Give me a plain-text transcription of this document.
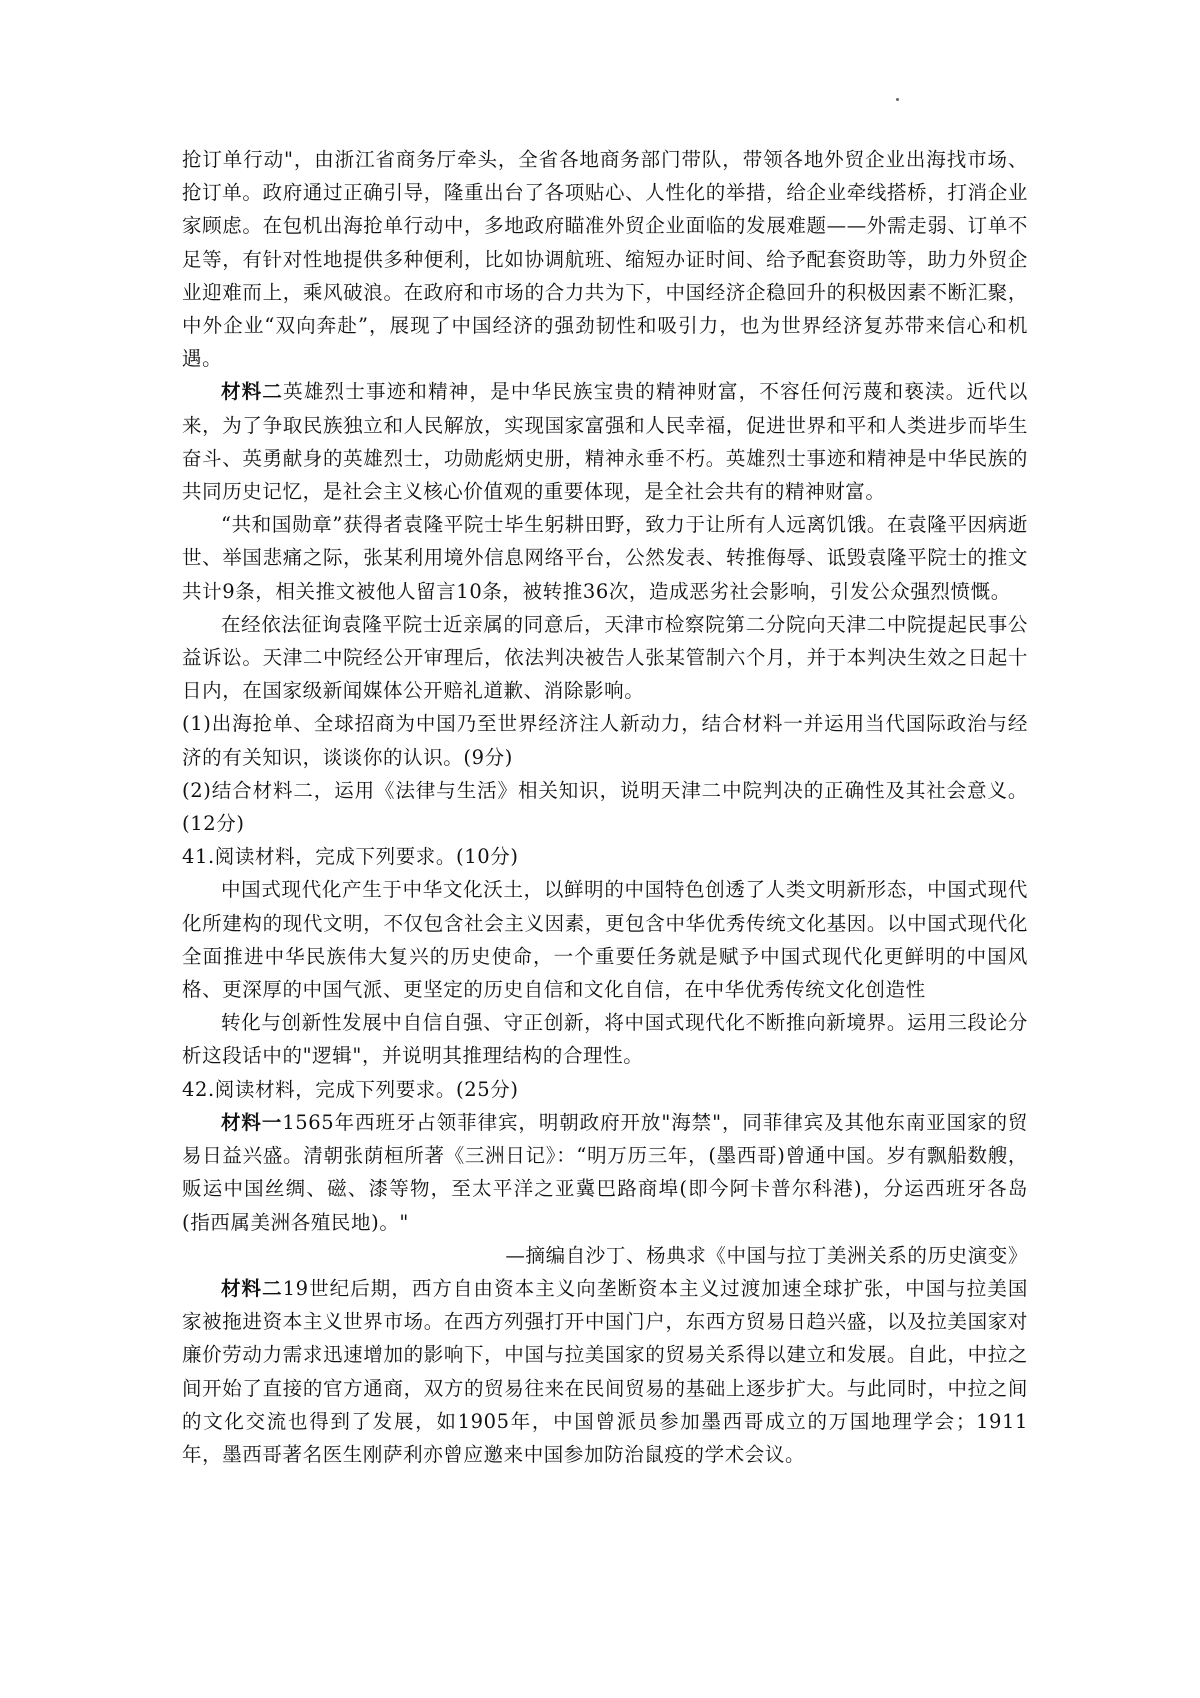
抢订单行动"，由浙江省商务厅牵头，全省各地商务部门带队，带领各地外贸企业出海找市场、抢订单。政府通过正确引导，隆重出台了各项贴心、人性化的举措，给企业牵线搭桥，打消企业家顾虑。在包机出海抢单行动中，多地政府瞄准外贸企业面临的发展难题——外需走弱、订单不足等，有针对性地提供多种便利，比如协调航班、缩短办证时间、给予配套资助等，助力外贸企业迎难而上，乘风破浪。在政府和市场的合力共为下，中国经济企稳回升的积极因素不断汇聚，中外企业“双向奔赴”，展现了中国经济的强劲韧性和吸引力，也为世界经济复苏带来信心和机遇。

材料二英雄烈士事迹和精神，是中华民族宝贵的精神财富，不容任何污蔑和亵渎。近代以来，为了争取民族独立和人民解放，实现国家富强和人民幸福，促进世界和平和人类进步而毕生奋斗、英勇献身的英雄烈士，功勋彪炳史册，精神永垂不朽。英雄烈士事迹和精神是中华民族的共同历史记忆，是社会主义核心价值观的重要体现，是全社会共有的精神财富。

“共和国勋章”获得者袁隆平院士毕生躬耕田野，致力于让所有人远离饥饿。在袁隆平因病逝世、举国悲痛之际，张某利用境外信息网络平台，公然发表、转推侮辱、诋毁袁隆平院士的推文共计9条，相关推文被他人留言10条，被转推36次，造成恶劣社会影响，引发公众强烈愤慨。

在经依法征询袁隆平院士近亲属的同意后，天津市检察院第二分院向天津二中院提起民事公益诉讼。天津二中院经公开审理后，依法判决被告人张某管制六个月，并于本判决生效之日起十日内，在国家级新闻媒体公开赔礼道歉、消除影响。

(1)出海抢单、全球招商为中国乃至世界经济注人新动力，结合材料一并运用当代国际政治与经济的有关知识，谈谈你的认识。(9分)

(2)结合材料二，运用《法律与生活》相关知识，说明天津二中院判决的正确性及其社会意义。(12分)

41.阅读材料，完成下列要求。(10分)

中国式现代化产生于中华文化沃土，以鲜明的中国特色创透了人类文明新形态，中国式现代化所建构的现代文明，不仅包含社会主义因素，更包含中华优秀传统文化基因。以中国式现代化全面推进中华民族伟大复兴的历史使命，一个重要任务就是赋予中国式现代化更鲜明的中国风格、更深厚的中国气派、更坚定的历史自信和文化自信，在中华优秀传统文化创造性

转化与创新性发展中自信自强、守正创新，将中国式现代化不断推向新境界。运用三段论分析这段话中的"逻辑"，并说明其推理结构的合理性。

42.阅读材料，完成下列要求。(25分)

材料一1565年西班牙占领菲律宾，明朝政府开放"海禁"，同菲律宾及其他东南亚国家的贸易日益兴盛。清朝张荫桓所著《三洲日记》：“明万历三年，(墨西哥)曾通中国。岁有飘船数艘，贩运中国丝绸、磁、漆等物，至太平洋之亚冀巴路商埠(即今阿卡普尔科港)，分运西班牙各岛(指西属美洲各殖民地)。"

—摘编自沙丁、杨典求《中国与拉丁美洲关系的历史演变》

材料二19世纪后期，西方自由资本主义向垄断资本主义过渡加速全球扩张，中国与拉美国家被拖进资本主义世界市场。在西方列强打开中国门户，东西方贸易日趋兴盛，以及拉美国家对廉价劳动力需求迅速增加的影响下，中国与拉美国家的贸易关系得以建立和发展。自此，中拉之间开始了直接的官方通商，双方的贸易往来在民间贸易的基础上逐步扩大。与此同时，中拉之间的文化交流也得到了发展，如1905年，中国曾派员参加墨西哥成立的万国地理学会；1911年，墨西哥著名医生刚萨利亦曾应邀来中国参加防治鼠疫的学术会议。
